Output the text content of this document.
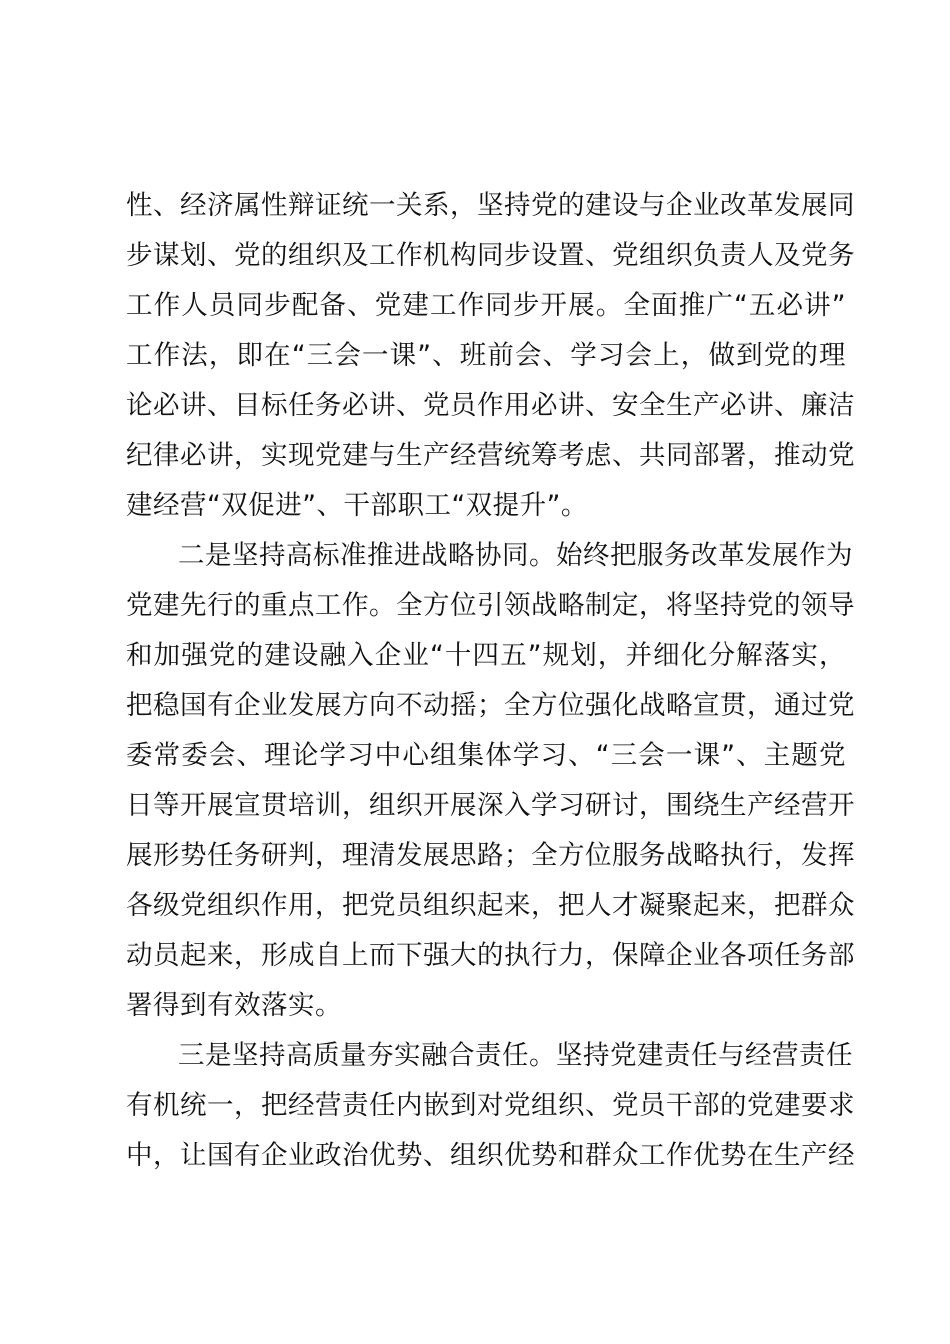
性、经济属性辩证统一关系，坚持党的建设与企业改革发展同
步谋划、党的组织及工作机构同步设置、党组织负责人及党务
工作人员同步配备、党建工作同步开展。全面推广“五必讲”
工作法，即在“三会一课”、班前会、学习会上，做到党的理
论必讲、目标任务必讲、党员作用必讲、安全生产必讲、廉洁
纪律必讲，实现党建与生产经营统筹考虑、共同部署，推动党
建经营“双促进”、干部职工“双提升”。
二是坚持高标准推进战略协同。始终把服务改革发展作为
党建先行的重点工作。全方位引领战略制定，将坚持党的领导
和加强党的建设融入企业“十四五”规划，并细化分解落实，
把稳国有企业发展方向不动摇；全方位强化战略宣贯，通过党
委常委会、理论学习中心组集体学习、“三会一课”、主题党
日等开展宣贯培训，组织开展深入学习研讨，围绕生产经营开
展形势任务研判，理清发展思路；全方位服务战略执行，发挥
各级党组织作用，把党员组织起来，把人才凝聚起来，把群众
动员起来，形成自上而下强大的执行力，保障企业各项任务部
署得到有效落实。
三是坚持高质量夯实融合责任。坚持党建责任与经营责任
有机统一，把经营责任内嵌到对党组织、党员干部的党建要求
中，让国有企业政治优势、组织优势和群众工作优势在生产经
